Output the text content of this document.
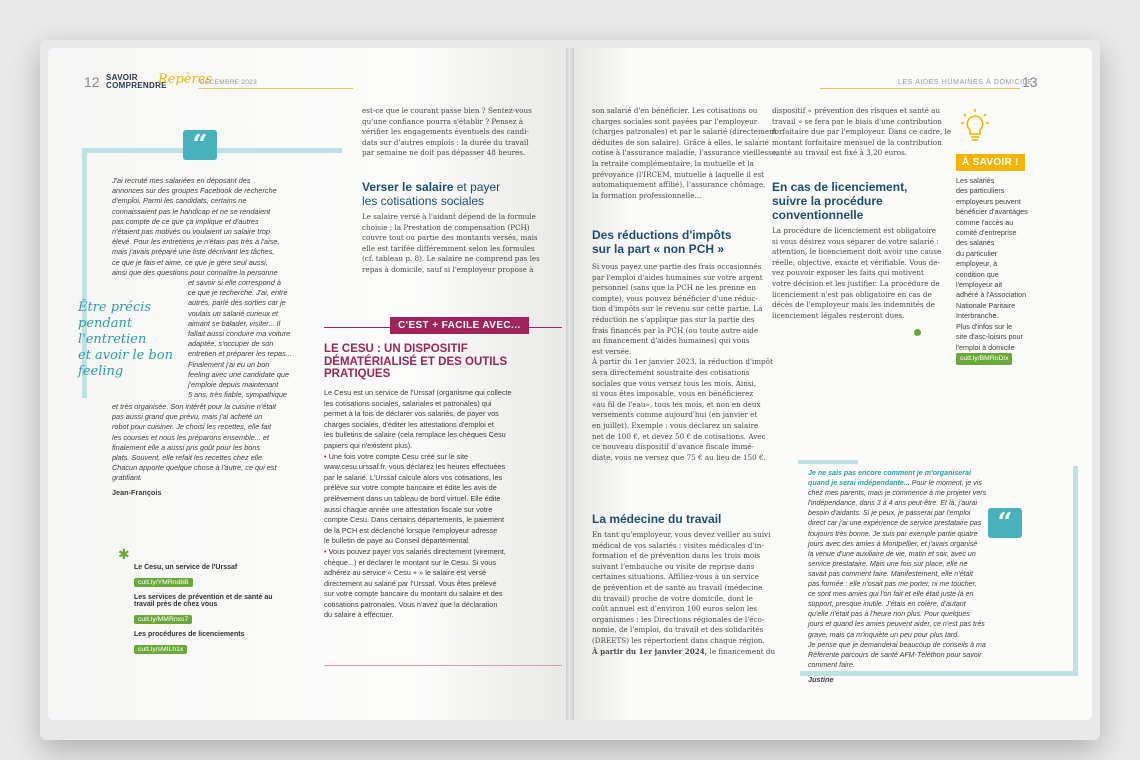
12 SAVOIR
COMPRENDRE
Repères
DÉCEMBRE 2023
“
J'ai recruté mes salariées en déposant des
annonces sur des groupes Facebook de recherche
d'emploi. Parmi les candidats, certains ne
connaissaient pas le handicap et ne se rendaient
pas compte de ce que ça implique et d'autres
n'étaient pas motivés ou voulaient un salaire trop
élevé. Pour les entretiens je n'étais pas très à l'aise,
mais j'avais préparé une liste décrivant les tâches,
ce que je fais et aime, ce que je gère seul aussi,
ainsi que des questions pour connaître la personne
et savoir si elle correspond à
ce que je recherche. J'ai, entre
autres, parlé des sorties car je
voulais un salarié curieux et
aimant se balader, visiter... Il
fallait aussi conduire ma voiture
adaptée, s'occuper de son
entretien et préparer les repas...
Finalement j'ai eu un bon
feeling avec une candidate que
j'emploie depuis maintenant
5 ans, très fiable, sympathique
et très organisée. Son intérêt pour la cuisine n'était
pas aussi grand que prévu, mais j'ai acheté un
robot pour cuisiner. Je choisi les recettes, elle fait
les courses et nous les préparons ensemble... et
finalement elle a aussi pris goût pour les bons
plats. Souvent, elle refait les recettes chez elle.
Chacun apporte quelque chose à l'autre, ce qui est
gratifiant.
Jean-François
Être précis
pendant
l'entretien
et avoir le bon
feeling
✱
Le Cesu, un service de l'Urssaf
cutt.ly/YMRnd8B
Les services de prévention et de santé au travail près de chez vous
cutt.ly/MMRnxs7
Les procédures de licenciements
cutt.ly/sMILh1x
est-ce que le courant passe bien ? Sentez-vous
qu'une confiance pourra s'établir ? Pensez à
vérifier les engagements éventuels des candi-
dats sur d'autres emplois : la durée du travail
par semaine ne doit pas dépasser 48 heures.
Verser le salaire et payer
les cotisations sociales
Le salaire versé à l'aidant dépend de la formule
choisie ; la Prestation de compensation (PCH)
couvre tout ou partie des montants versés, mais
elle est tarifée différemment selon les formules
(cf. tableau p. 8). Le salaire ne comprend pas les
repas à domicile, sauf si l'employeur propose à
C'EST + FACILE AVEC...
LE CESU : UN DISPOSITIF
DÉMATÉRIALISÉ ET DES OUTILS
PRATIQUES
Le Cesu est un service de l'Urssaf (organisme qui collecte
les cotisations sociales, salariales et patronales) qui
permet à la fois de déclarer vos salariés, de payer vos
charges sociales, d'éditer les attestations d'emploi et
les bulletins de salaire (cela remplace les chèques Cesu
papiers qui n'existent plus).
• Une fois votre compte Cesu créé sur le site
www.cesu.urssaf.fr, vous déclarez les heures effectuées
par le salarié. L'Urssaf calcule alors vos cotisations, les
prélève sur votre compte bancaire et édite les avis de
prélèvement dans un tableau de bord virtuel. Elle édite
aussi chaque année une attestation fiscale sur votre
compte Cesu. Dans certains départements, le paiement
de la PCH est déclenché lorsque l'employeur adresse
le bulletin de paye au Conseil départemental.
• Vous pouvez payer vos salariés directement (virement,
chèque...) et déclarer le montant sur le Cesu. Si vous
adhérez au service « Cesu + » le salaire est versé
directement au salarié par l'Urssaf. Vous êtes prélevé
sur votre compte bancaire du montant du salaire et des
cotisations patronales. Vous n'avez que la déclaration
du salaire à effectuer.
LES AIDES HUMAINES À DOMICILE
13
son salarié d'en bénéficier. Les cotisations ou
charges sociales sont payées par l'employeur
(charges patronales) et par le salarié (directement
déduites de son salaire). Grâce à elles, le salarié
cotise à l'assurance maladie, l'assurance vieillesse,
la retraite complémentaire, la mutuelle et la
prévoyance (l'IRCEM, mutuelle à laquelle il est
automatiquement affilié), l'assurance chômage,
la formation professionnelle...
Des réductions d'impôts
sur la part « non PCH »
Si vous payez une partie des frais occasionnés
par l'emploi d'aides humaines sur votre argent
personnel (sans que la PCH ne les prenne en
compte), vous pouvez bénéficier d'une réduc-
tion d'impôts sur le revenu sur cette partie. La
réduction ne s'applique pas sur la partie des
frais financés par la PCH (ou toute autre aide
au financement d'aides humaines) qui vous
est versée.
À partir du 1er janvier 2023, la réduction d'impôt
sera directement soustraite des cotisations
sociales que vous versez tous les mois. Ainsi,
si vous êtes imposable, vous en bénéficierez
«au fil de l'eau», tous les mois, et non en deux
versements comme aujourd'hui (en janvier et
en juillet). Exemple : vous déclarez un salaire
net de 100 €, et devez 50 € de cotisations. Avec
ce nouveau dispositif d'avance fiscale immé-
diate, vous ne versez que 75 € au lieu de 150 €.
La médecine du travail
En tant qu'employeur, vous devez veiller au suivi
médical de vos salariés : visites médicales d'in-
formation et de prévention dans les trois mois
suivant l'embauche ou visite de reprise dans
certaines situations. Affiliez-vous à un service
de prévention et de santé au travail (médecine
du travail) proche de votre domicile, dont le
coût annuel est d'environ 100 euros selon les
organismes : les Directions régionales de l'éco-
nomie, de l'emploi, du travail et des solidarités
(DREETS) les répertorient dans chaque région.
À partir du 1er janvier 2024, le financement du
dispositif « prévention des risques et santé au
travail » se fera par le biais d'une contribution
forfaitaire due par l'employeur. Dans ce cadre, le
montant forfaitaire mensuel de la contribution
santé au travail est fixé à 3,20 euros.
En cas de licenciement,
suivre la procédure
conventionnelle
La procédure de licenciement est obligatoire
si vous désirez vous séparer de votre salarié :
attention, le licenciement doit avoir une cause
réelle, objective, exacte et vérifiable. Vous de-
vez pouvoir exposer les faits qui motivent
votre décision et les justifier. La procédure de
licenciement n'est pas obligatoire en cas de
décès de l'employeur mais les indemnités de
licenciement légales resteront dues.
À SAVOIR !
Les salariés
des particuliers
employeurs peuvent
bénéficier d'avantages
comme l'accès au
comité d'entreprise
des salariés
du particulier
employeur, à
condition que
l'employeur ait
adhéré à l'Association
Nationale Paritaire
Interbranche.
Plus d'infos sur le
site d'asc-loisirs pour
l'emploi à domicile
cutt.ly/BMRnDlx
“
Je ne sais pas encore comment je m'organiserai
quand je serai indépendante... Pour le moment, je vis
chez mes parents, mais je commence à me projeter vers
l'indépendance, dans 3 à 4 ans peut-être. Et là, j'aurai
besoin d'aidants. Si je peux, je passerai par l'emploi
direct car j'ai une expérience de service prestataire pas
toujours très bonne. Je suis par exemple partie quatre
jours avec des amies à Montpellier, et j'avais organisé
la venue d'une auxiliaire de vie, matin et soir, avec un
service prestataire. Mais une fois sur place, elle ne
savait pas comment faire. Manifestement, elle n'était
pas formée : elle n'osait pas me porter, ni me toucher,
ce sont mes amies qui l'on fait et elle était juste là en
support, presque inutile. J'étais en colère, d'autant
qu'elle n'était pas à l'heure non plus. Pour quelques
jours et quand les amies peuvent aider, ce n'est pas très
grave, mais ça m'inquiète un peu pour plus tard.
Je pense que je demanderai beaucoup de conseils à ma
Référente parcours de santé AFM-Téléthon pour savoir
comment faire.
Justine
